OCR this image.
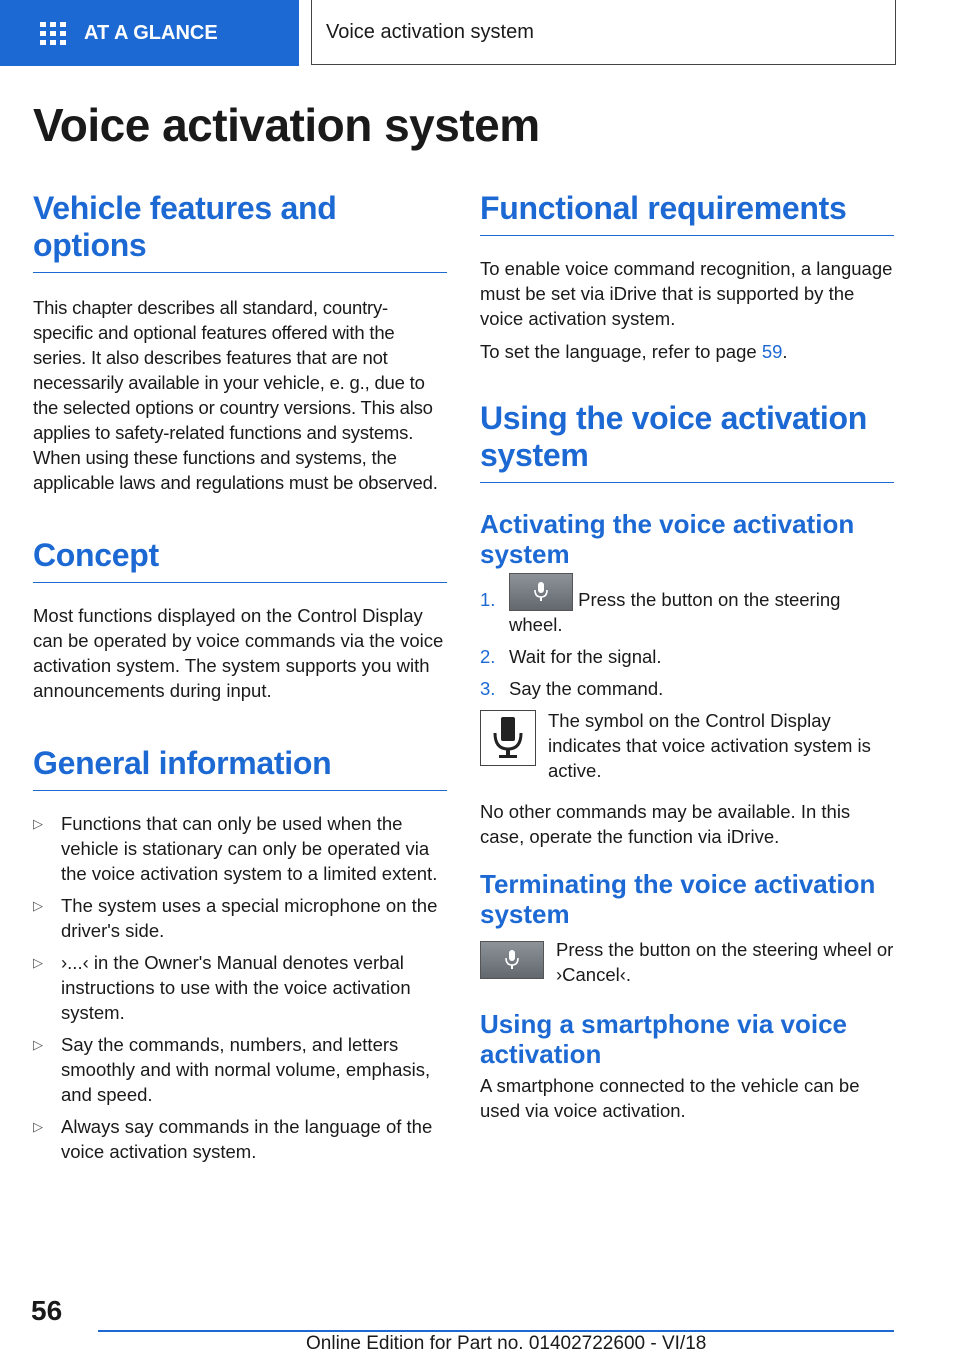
AT A GLANCE	Voice activation system
Voice activation system
Vehicle features and options

This chapter describes all standard, country-specific and optional features offered with the series. It also describes features that are not necessarily available in your vehicle, e. g., due to the selected options or country versions. This also applies to safety-related functions and systems. When using these functions and systems, the applicable laws and regulations must be observed.

Concept

Most functions displayed on the Control Display can be operated by voice commands via the voice activation system. The system supports you with announcements during input.

General information
▷ Functions that can only be used when the vehicle is stationary can only be operated via the voice activation system to a limited extent.
▷ The system uses a special microphone on the driver's side.
▷ ›...‹ in the Owner's Manual denotes verbal instructions to use with the voice activation system.
▷ Say the commands, numbers, and letters smoothly and with normal volume, emphasis, and speed.
▷ Always say commands in the language of the voice activation system.
Functional requirements

To enable voice command recognition, a language must be set via iDrive that is supported by the voice activation system.

To set the language, refer to page 59.

Using the voice activation system
Activating the voice activation system
1.	Press the button on the steering wheel.
2. Wait for the signal.
3. Say the command.

The symbol on the Control Display indicates that voice activation system is active.

No other commands may be available. In this case, operate the function via iDrive.

Terminating the voice activation system

Press the button on the steering wheel or ›Cancel‹.

Using a smartphone via voice activation

A smartphone connected to the vehicle can be used via voice activation.

56

Online Edition for Part no. 01402722600 - VI/18
